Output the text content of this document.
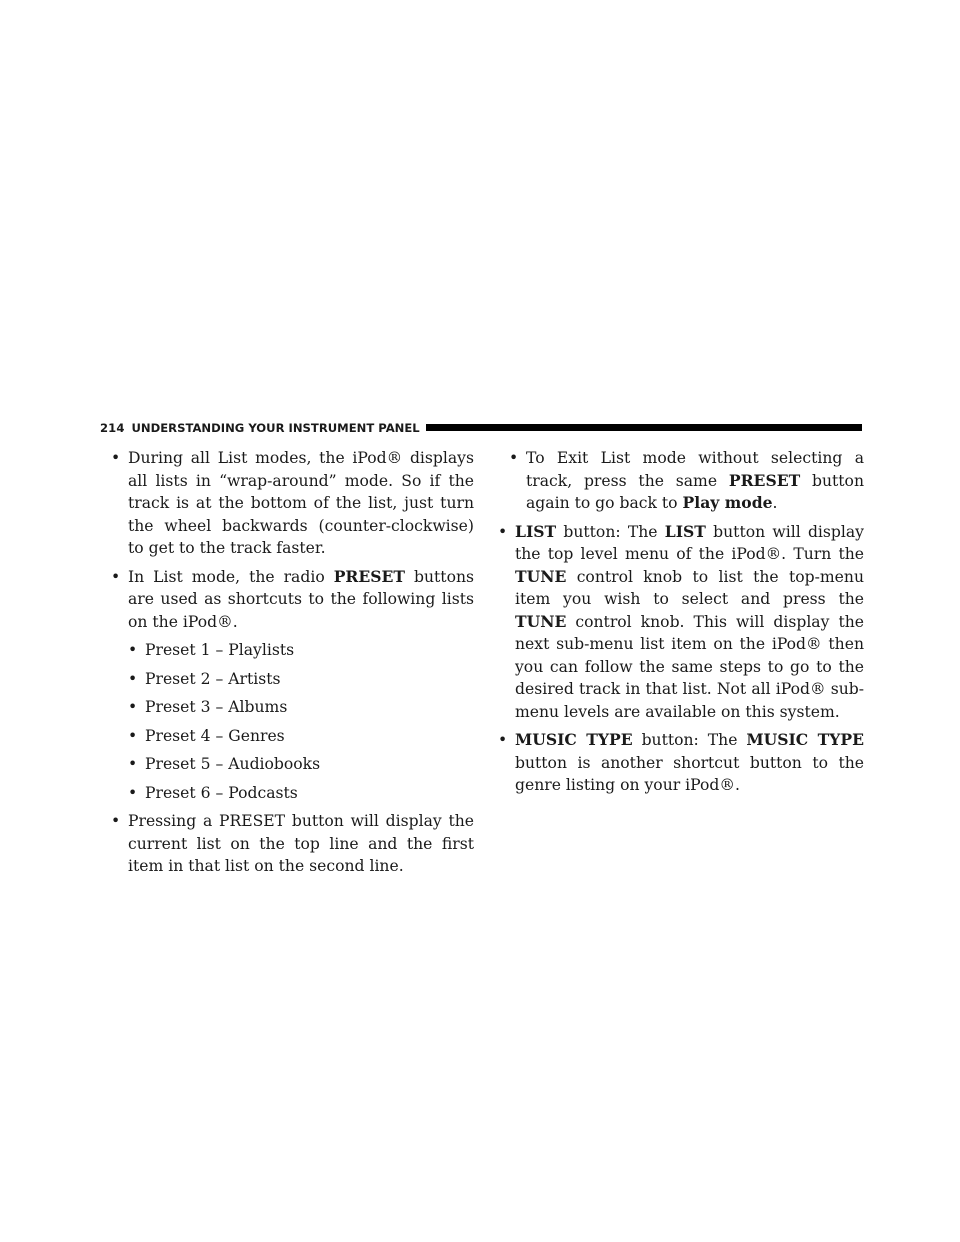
214 UNDERSTANDING YOUR INSTRUMENT PANEL
• During all List modes, the iPod® displays all lists in “wrap-around” mode. So if the track is at the bottom of the list, just turn the wheel backwards (counter-clockwise) to get to the track faster.
• In List mode, the radio PRESET buttons are used as shortcuts to the following lists on the iPod®.
• Preset 1 – Playlists
• Preset 2 – Artists
• Preset 3 – Albums
• Preset 4 – Genres
• Preset 5 – Audiobooks
• Preset 6 – Podcasts
• Pressing a PRESET button will display the current list on the top line and the first item in that list on the second line.
• To Exit List mode without selecting a track, press the same PRESET button again to go back to Play mode.
• LIST button: The LIST button will display the top level menu of the iPod®. Turn the TUNE control knob to list the top-menu item you wish to select and press the TUNE control knob. This will display the next sub-menu list item on the iPod® then you can follow the same steps to go to the desired track in that list. Not all iPod® sub-menu levels are available on this system.
• MUSIC TYPE button: The MUSIC TYPE button is another shortcut button to the genre listing on your iPod®.
